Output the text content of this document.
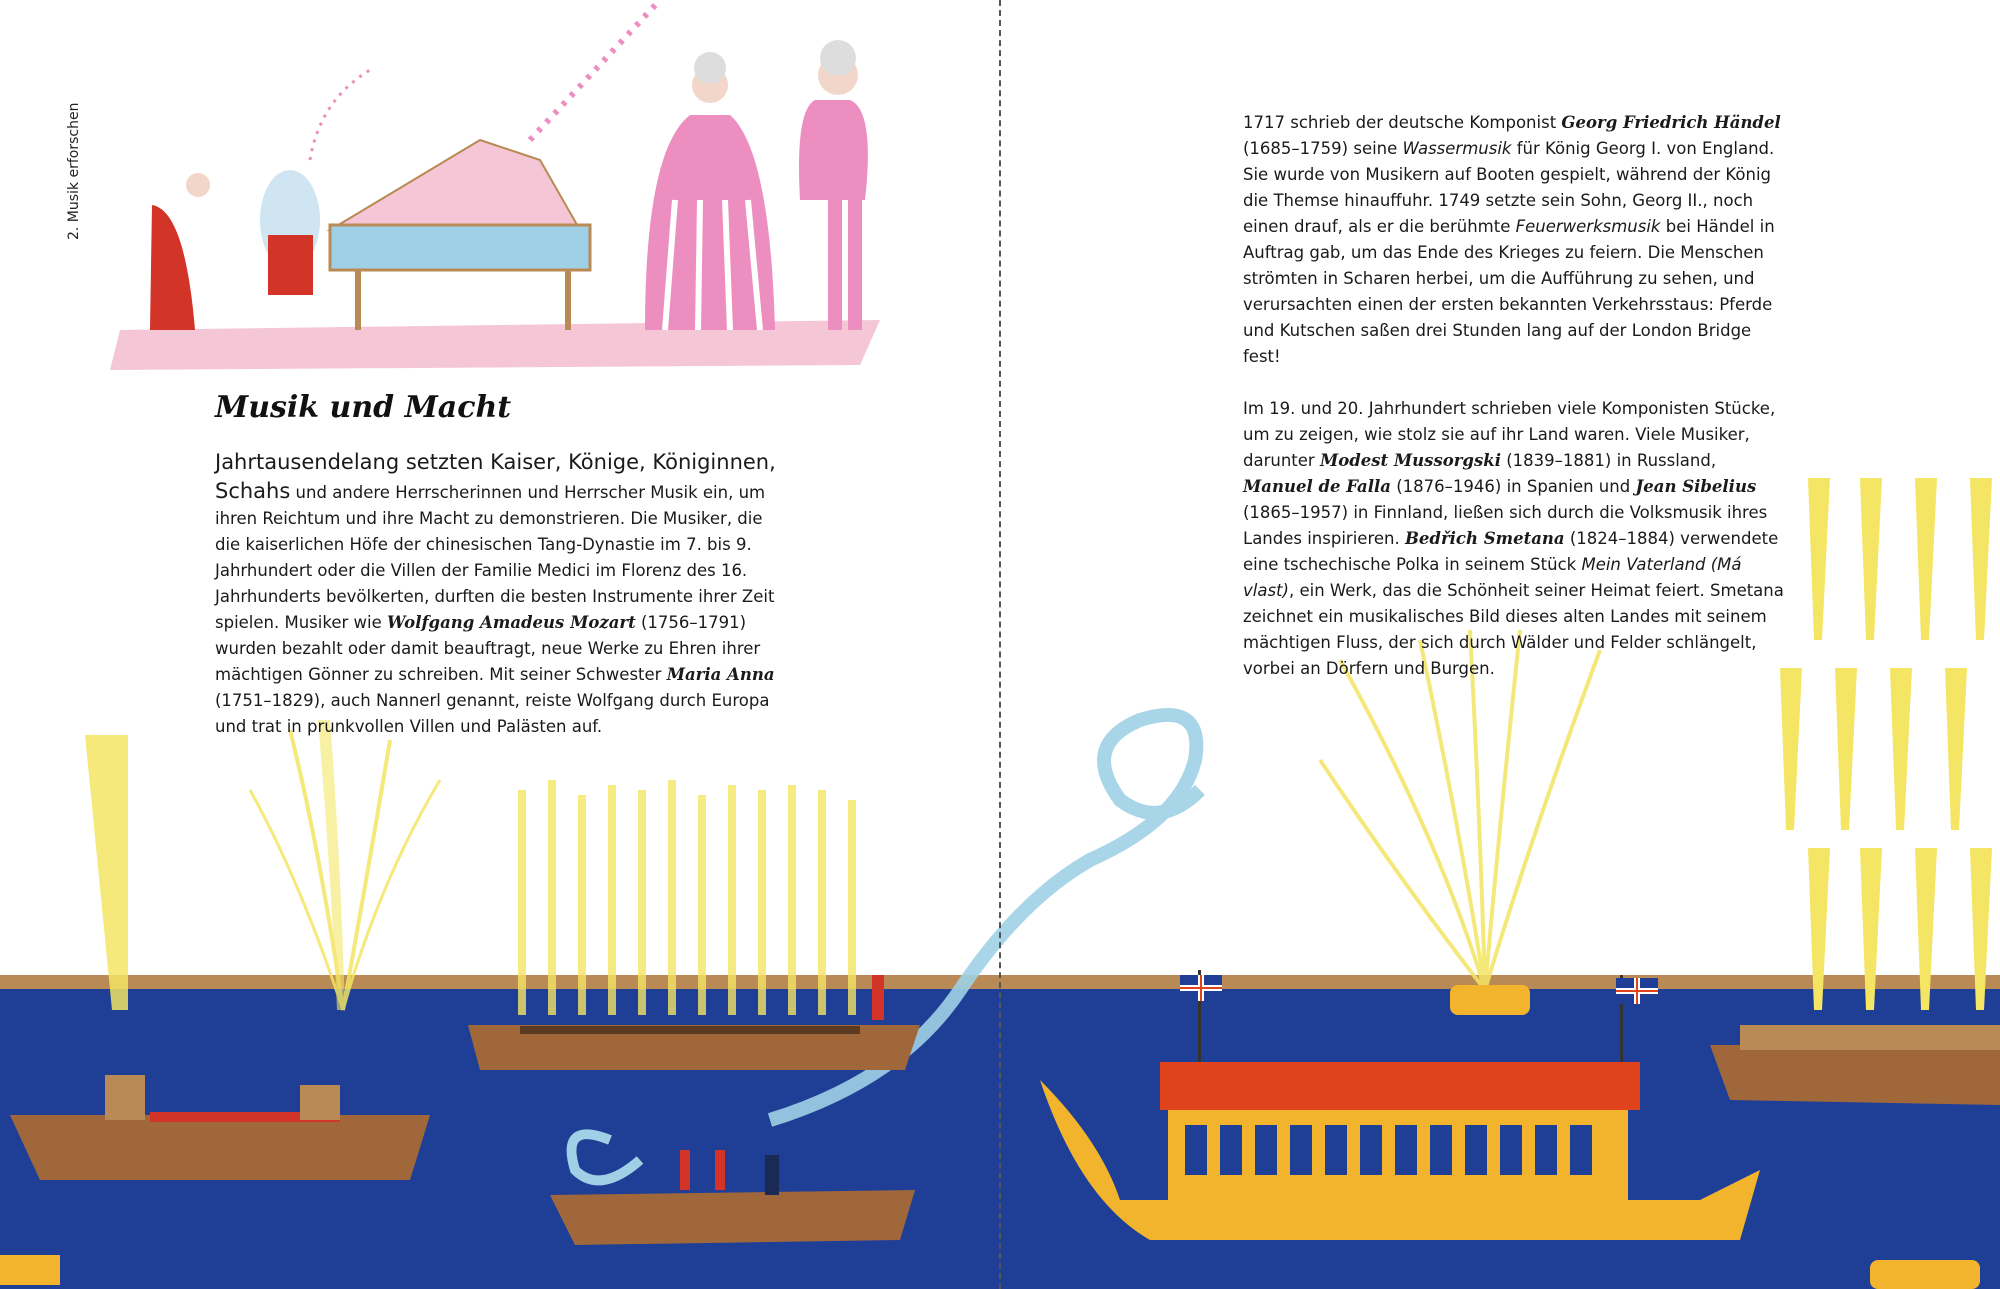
2. Musik erforschen
Musik und Macht
Jahrtausendelang setzten Kaiser, Könige, Königinnen, Schahs und andere Herrscherinnen und Herrscher Musik ein, um ihren Reichtum und ihre Macht zu demonstrieren. Die Musiker, die die kaiserlichen Höfe der chinesischen Tang-Dynastie im 7. bis 9. Jahrhundert oder die Villen der Familie Medici im Florenz des 16. Jahrhunderts bevölkerten, durften die besten Instrumente ihrer Zeit spielen. Musiker wie Wolfgang Amadeus Mozart (1756–1791) wurden bezahlt oder damit beauftragt, neue Werke zu Ehren ihrer mächtigen Gönner zu schreiben. Mit seiner Schwester Maria Anna (1751–1829), auch Nannerl genannt, reiste Wolfgang durch Europa und trat in prunkvollen Villen und Palästen auf.

1717 schrieb der deutsche Komponist Georg Friedrich Händel (1685–1759) seine Wassermusik für König Georg I. von England. Sie wurde von Musikern auf Booten gespielt, während der König die Themse hinauffuhr. 1749 setzte sein Sohn, Georg II., noch einen drauf, als er die berühmte Feuerwerksmusik bei Händel in Auftrag gab, um das Ende des Krieges zu feiern. Die Menschen strömten in Scharen herbei, um die Aufführung zu sehen, und verursachten einen der ersten bekannten Verkehrsstaus: Pferde und Kutschen saßen drei Stunden lang auf der London Bridge fest!

Im 19. und 20. Jahrhundert schrieben viele Komponisten Stücke, um zu zeigen, wie stolz sie auf ihr Land waren. Viele Musiker, darunter Modest Mussorgski (1839–1881) in Russland, Manuel de Falla (1876–1946) in Spanien und Jean Sibelius (1865–1957) in Finnland, ließen sich durch die Volksmusik ihres Landes inspirieren. Bedřich Smetana (1824–1884) verwendete eine tschechische Polka in seinem Stück Mein Vaterland (Má vlast), ein Werk, das die Schönheit seiner Heimat feiert. Smetana zeichnet ein musikalisches Bild dieses alten Landes mit seinem mächtigen Fluss, der sich durch Wälder und Felder schlängelt, vorbei an Dörfern und Burgen.
